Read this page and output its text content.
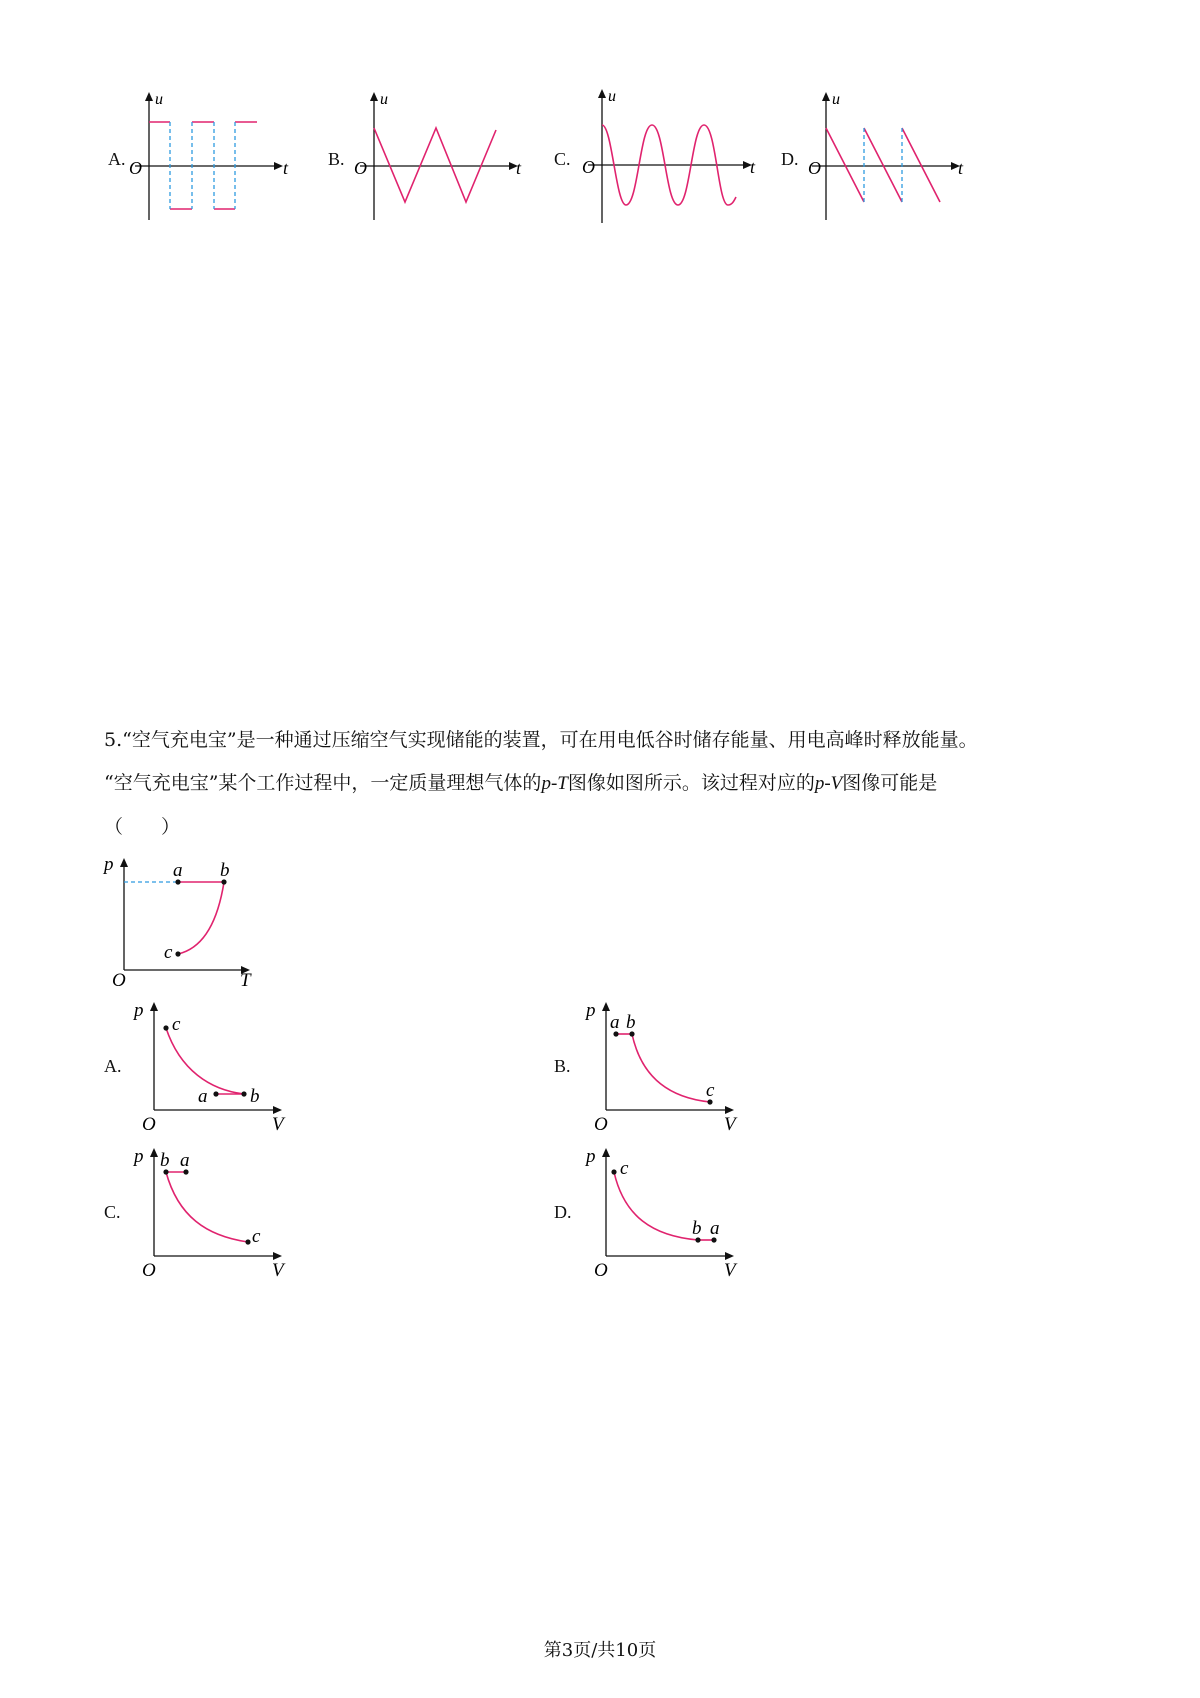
A.
u
t
O	B.
u
t
O	C.
u
t
O	D.
u
t
O
5.“空气充电宝”是一种通过压缩空气实现储能的装置，可在用电低谷时储存能量、用电高峰时释放能量。
“空气充电宝”某个工作过程中，一定质量理想气体的p-T图像如图所示。该过程对应的p-V图像可能是
（　　）
p
T
O
a b
c
A.
p
V
O
c
a b
B.
p
V
O
a b
c
C.
p
V
O
b a
c
D.
p
V
O
c
b a
第3页/共10页
